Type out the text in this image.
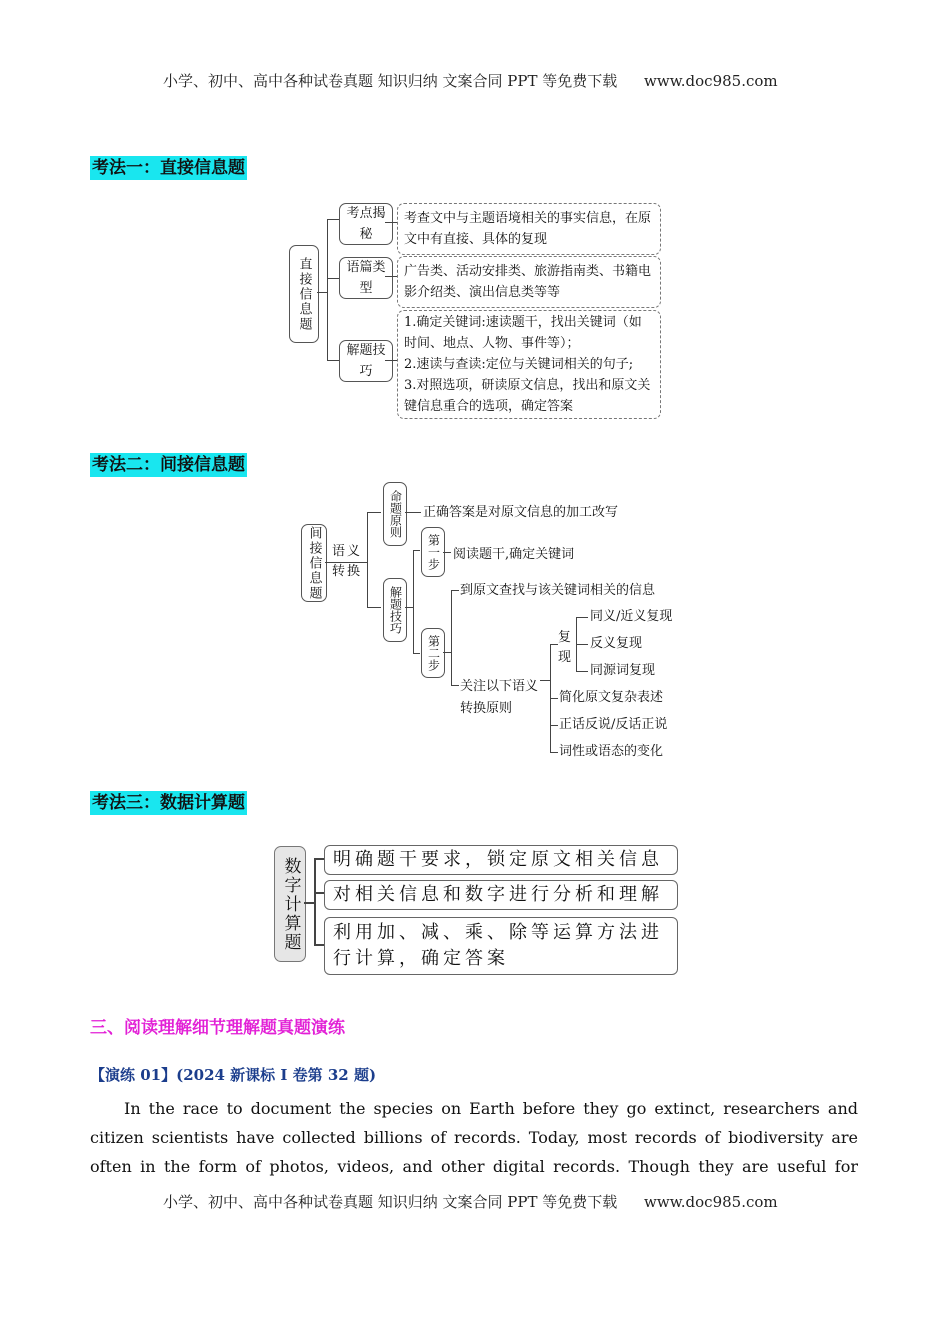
小学、初中、高中各种试卷真题 知识归纳 文案合同 PPT 等免费下载 www.doc985.com
考法一：直接信息题
直接信息题
考点揭秘
语篇类型
解题技巧
考查文中与主题语境相关的事实信息，在原文中有直接、具体的复现
广告类、活动安排类、旅游指南类、书籍电影介绍类、演出信息类等等
1.确定关键词:速读题干，找出关键词（如时间、地点、人物、事件等）；
2.速读与查读:定位与关键词相关的句子;
3.对照选项，研读原文信息，找出和原文关键信息重合的选项，确定答案
考法二：间接信息题
间接信息题 语义转换
命题原则	正确答案是对原文信息的加工改写
解题技巧
第一步 阅读题干,确定关键词
第二步
到原文查找与该关键词相关的信息
关注以下语义转换原则
复现
同义/近义复现
反义复现
同源词复现
简化原文复杂表述
正话反说/反话正说
词性或语态的变化
考法三：数据计算题
数字计算题	明确题干要求，锁定原文相关信息
对相关信息和数字进行分析和理解
利用加、减、乘、除等运算方法进行计算，确定答案
三、阅读理解细节理解题真题演练
【演练 01】(2024 新课标 I 卷第 32 题)
In the race to document the species on Earth before they go extinct, researchers and citizen scientists have collected billions of records. Today, most records of biodiversity are often in the form of photos, videos, and other digital records. Though they are useful for
小学、初中、高中各种试卷真题 知识归纳 文案合同 PPT 等免费下载 www.doc985.com
